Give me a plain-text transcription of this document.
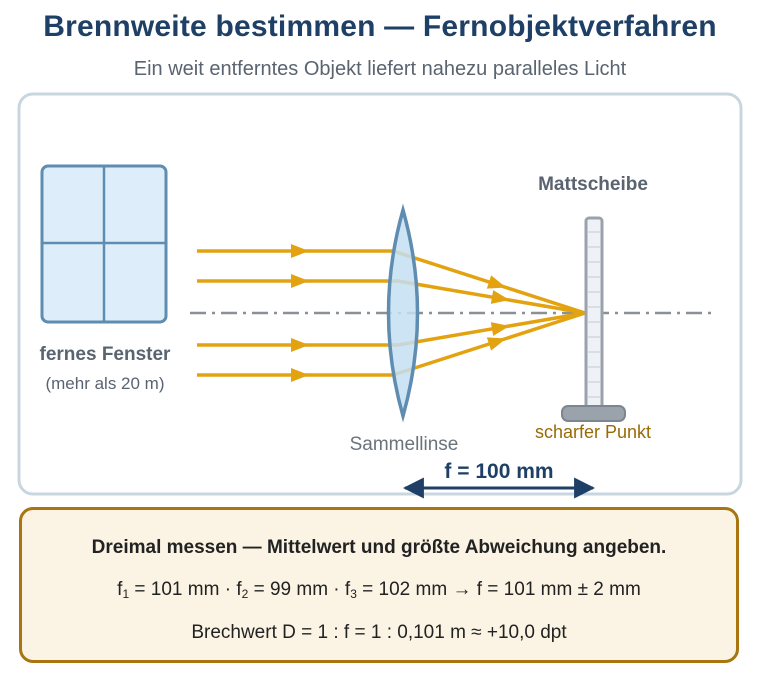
Brennweite bestimmen — Fernobjektverfahren
Ein weit entferntes Objekt liefert nahezu paralleles Licht
fernes Fenster
(mehr als 20 m)
Sammellinse
Mattscheibe
scharfer Punkt
f = 100 mm
Dreimal messen — Mittelwert und größte Abweichung angeben.
$f_1 = 101$ mm · $f_2 = 99$ mm · $f_3 = 102$ mm → f = 101 mm ± 2 mm
Brechwert D = 1 : f = 1 : 0,101 m ≈ +10,0 dpt
